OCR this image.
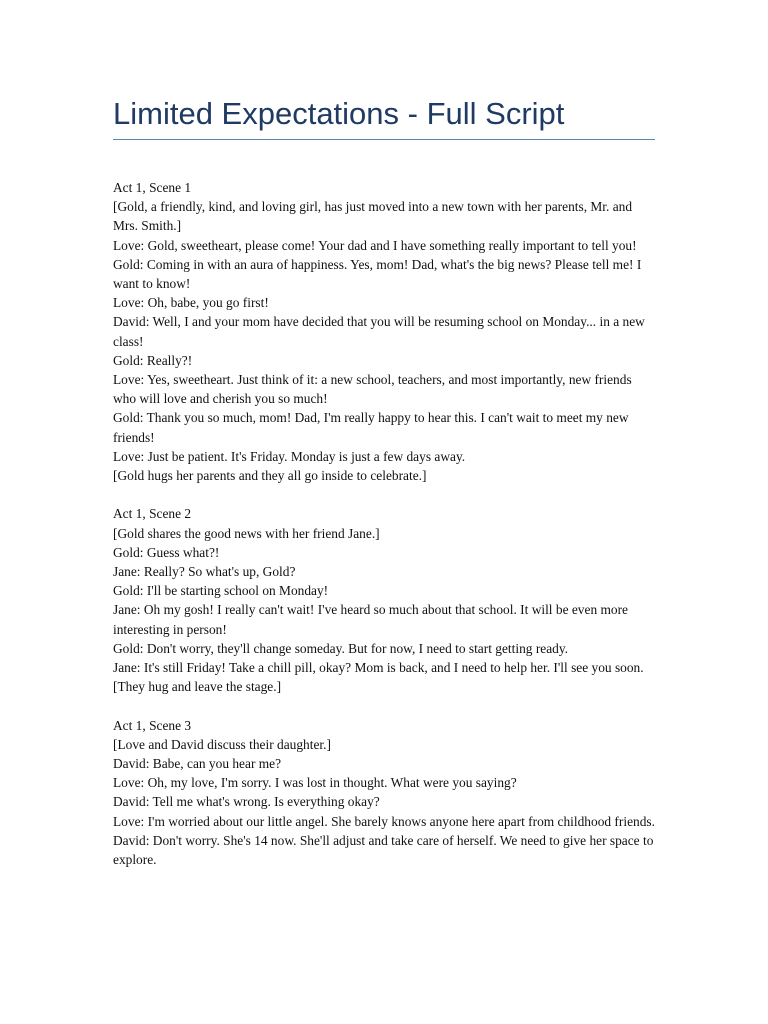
Limited Expectations - Full Script

Act 1, Scene 1

[Gold, a friendly, kind, and loving girl, has just moved into a new town with her parents, Mr. and Mrs. Smith.]

Love: Gold, sweetheart, please come! Your dad and I have something really important to tell you!

Gold: Coming in with an aura of happiness. Yes, mom! Dad, what's the big news? Please tell me! I want to know!

Love: Oh, babe, you go first!

David: Well, I and your mom have decided that you will be resuming school on Monday... in a new class!

Gold: Really?!

Love: Yes, sweetheart. Just think of it: a new school, teachers, and most importantly, new friends who will love and cherish you so much!

Gold: Thank you so much, mom! Dad, I'm really happy to hear this. I can't wait to meet my new friends!

Love: Just be patient. It's Friday. Monday is just a few days away.

[Gold hugs her parents and they all go inside to celebrate.]

Act 1, Scene 2

[Gold shares the good news with her friend Jane.]

Gold: Guess what?!

Jane: Really? So what's up, Gold?

Gold: I'll be starting school on Monday!

Jane: Oh my gosh! I really can't wait! I've heard so much about that school. It will be even more interesting in person!

Gold: Don't worry, they'll change someday. But for now, I need to start getting ready.

Jane: It's still Friday! Take a chill pill, okay? Mom is back, and I need to help her. I'll see you soon.

[They hug and leave the stage.]

Act 1, Scene 3

[Love and David discuss their daughter.]

David: Babe, can you hear me?

Love: Oh, my love, I'm sorry. I was lost in thought. What were you saying?

David: Tell me what's wrong. Is everything okay?

Love: I'm worried about our little angel. She barely knows anyone here apart from childhood friends.

David: Don't worry. She's 14 now. She'll adjust and take care of herself. We need to give her space to explore.
